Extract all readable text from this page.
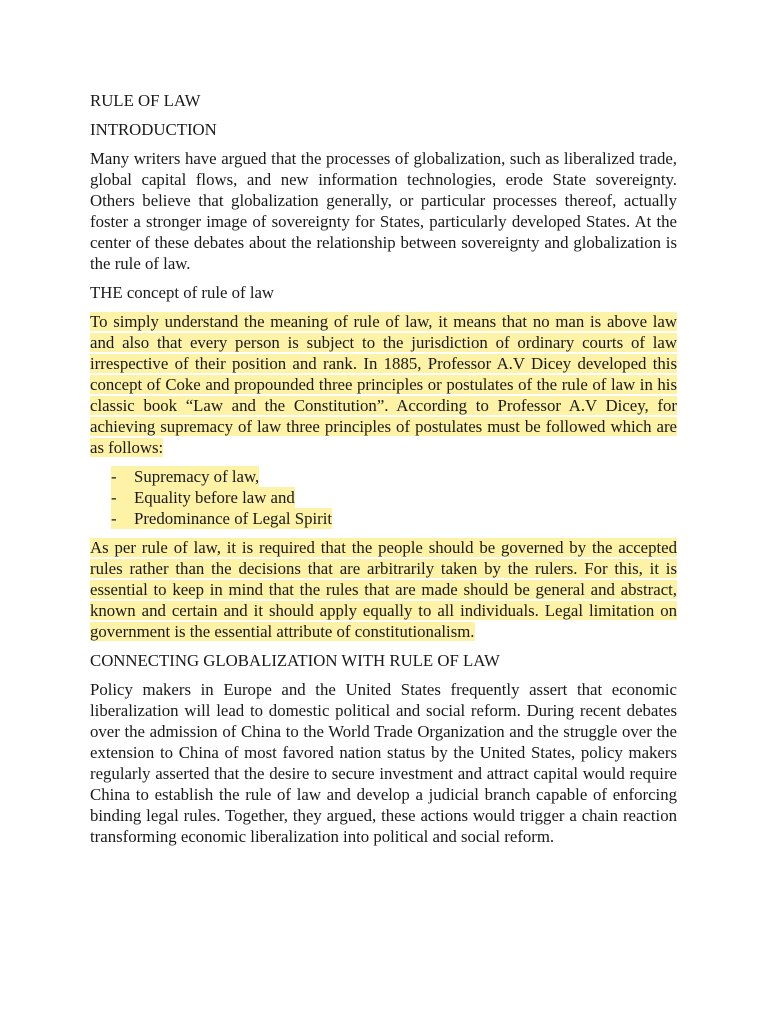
RULE OF LAW
INTRODUCTION

Many writers have argued that the processes of globalization, such as liberalized trade, global capital flows, and new information technologies, erode State sovereignty. Others believe that globalization generally, or particular processes thereof, actually foster a stronger image of sovereignty for States, particularly developed States. At the center of these debates about the relationship between sovereignty and globalization is the rule of law.

THE concept of rule of law

To simply understand the meaning of rule of law, it means that no man is above law and also that every person is subject to the jurisdiction of ordinary courts of law irrespective of their position and rank. In 1885, Professor A.V Dicey developed this concept of Coke and propounded three principles or postulates of the rule of law in his classic book “Law and the Constitution”. According to Professor A.V Dicey, for achieving supremacy of law three principles of postulates must be followed which are as follows:

-	Supremacy of law,
-	Equality before law and
-	Predominance of Legal Spirit

As per rule of law, it is required that the people should be governed by the accepted rules rather than the decisions that are arbitrarily taken by the rulers. For this, it is essential to keep in mind that the rules that are made should be general and abstract, known and certain and it should apply equally to all individuals. Legal limitation on government is the essential attribute of constitutionalism.

CONNECTING GLOBALIZATION WITH RULE OF LAW

Policy makers in Europe and the United States frequently assert that economic liberalization will lead to domestic political and social reform. During recent debates over the admission of China to the World Trade Organization and the struggle over the extension to China of most favored nation status by the United States, policy makers regularly asserted that the desire to secure investment and attract capital would require China to establish the rule of law and develop a judicial branch capable of enforcing binding legal rules. Together, they argued, these actions would trigger a chain reaction transforming economic liberalization into political and social reform.
